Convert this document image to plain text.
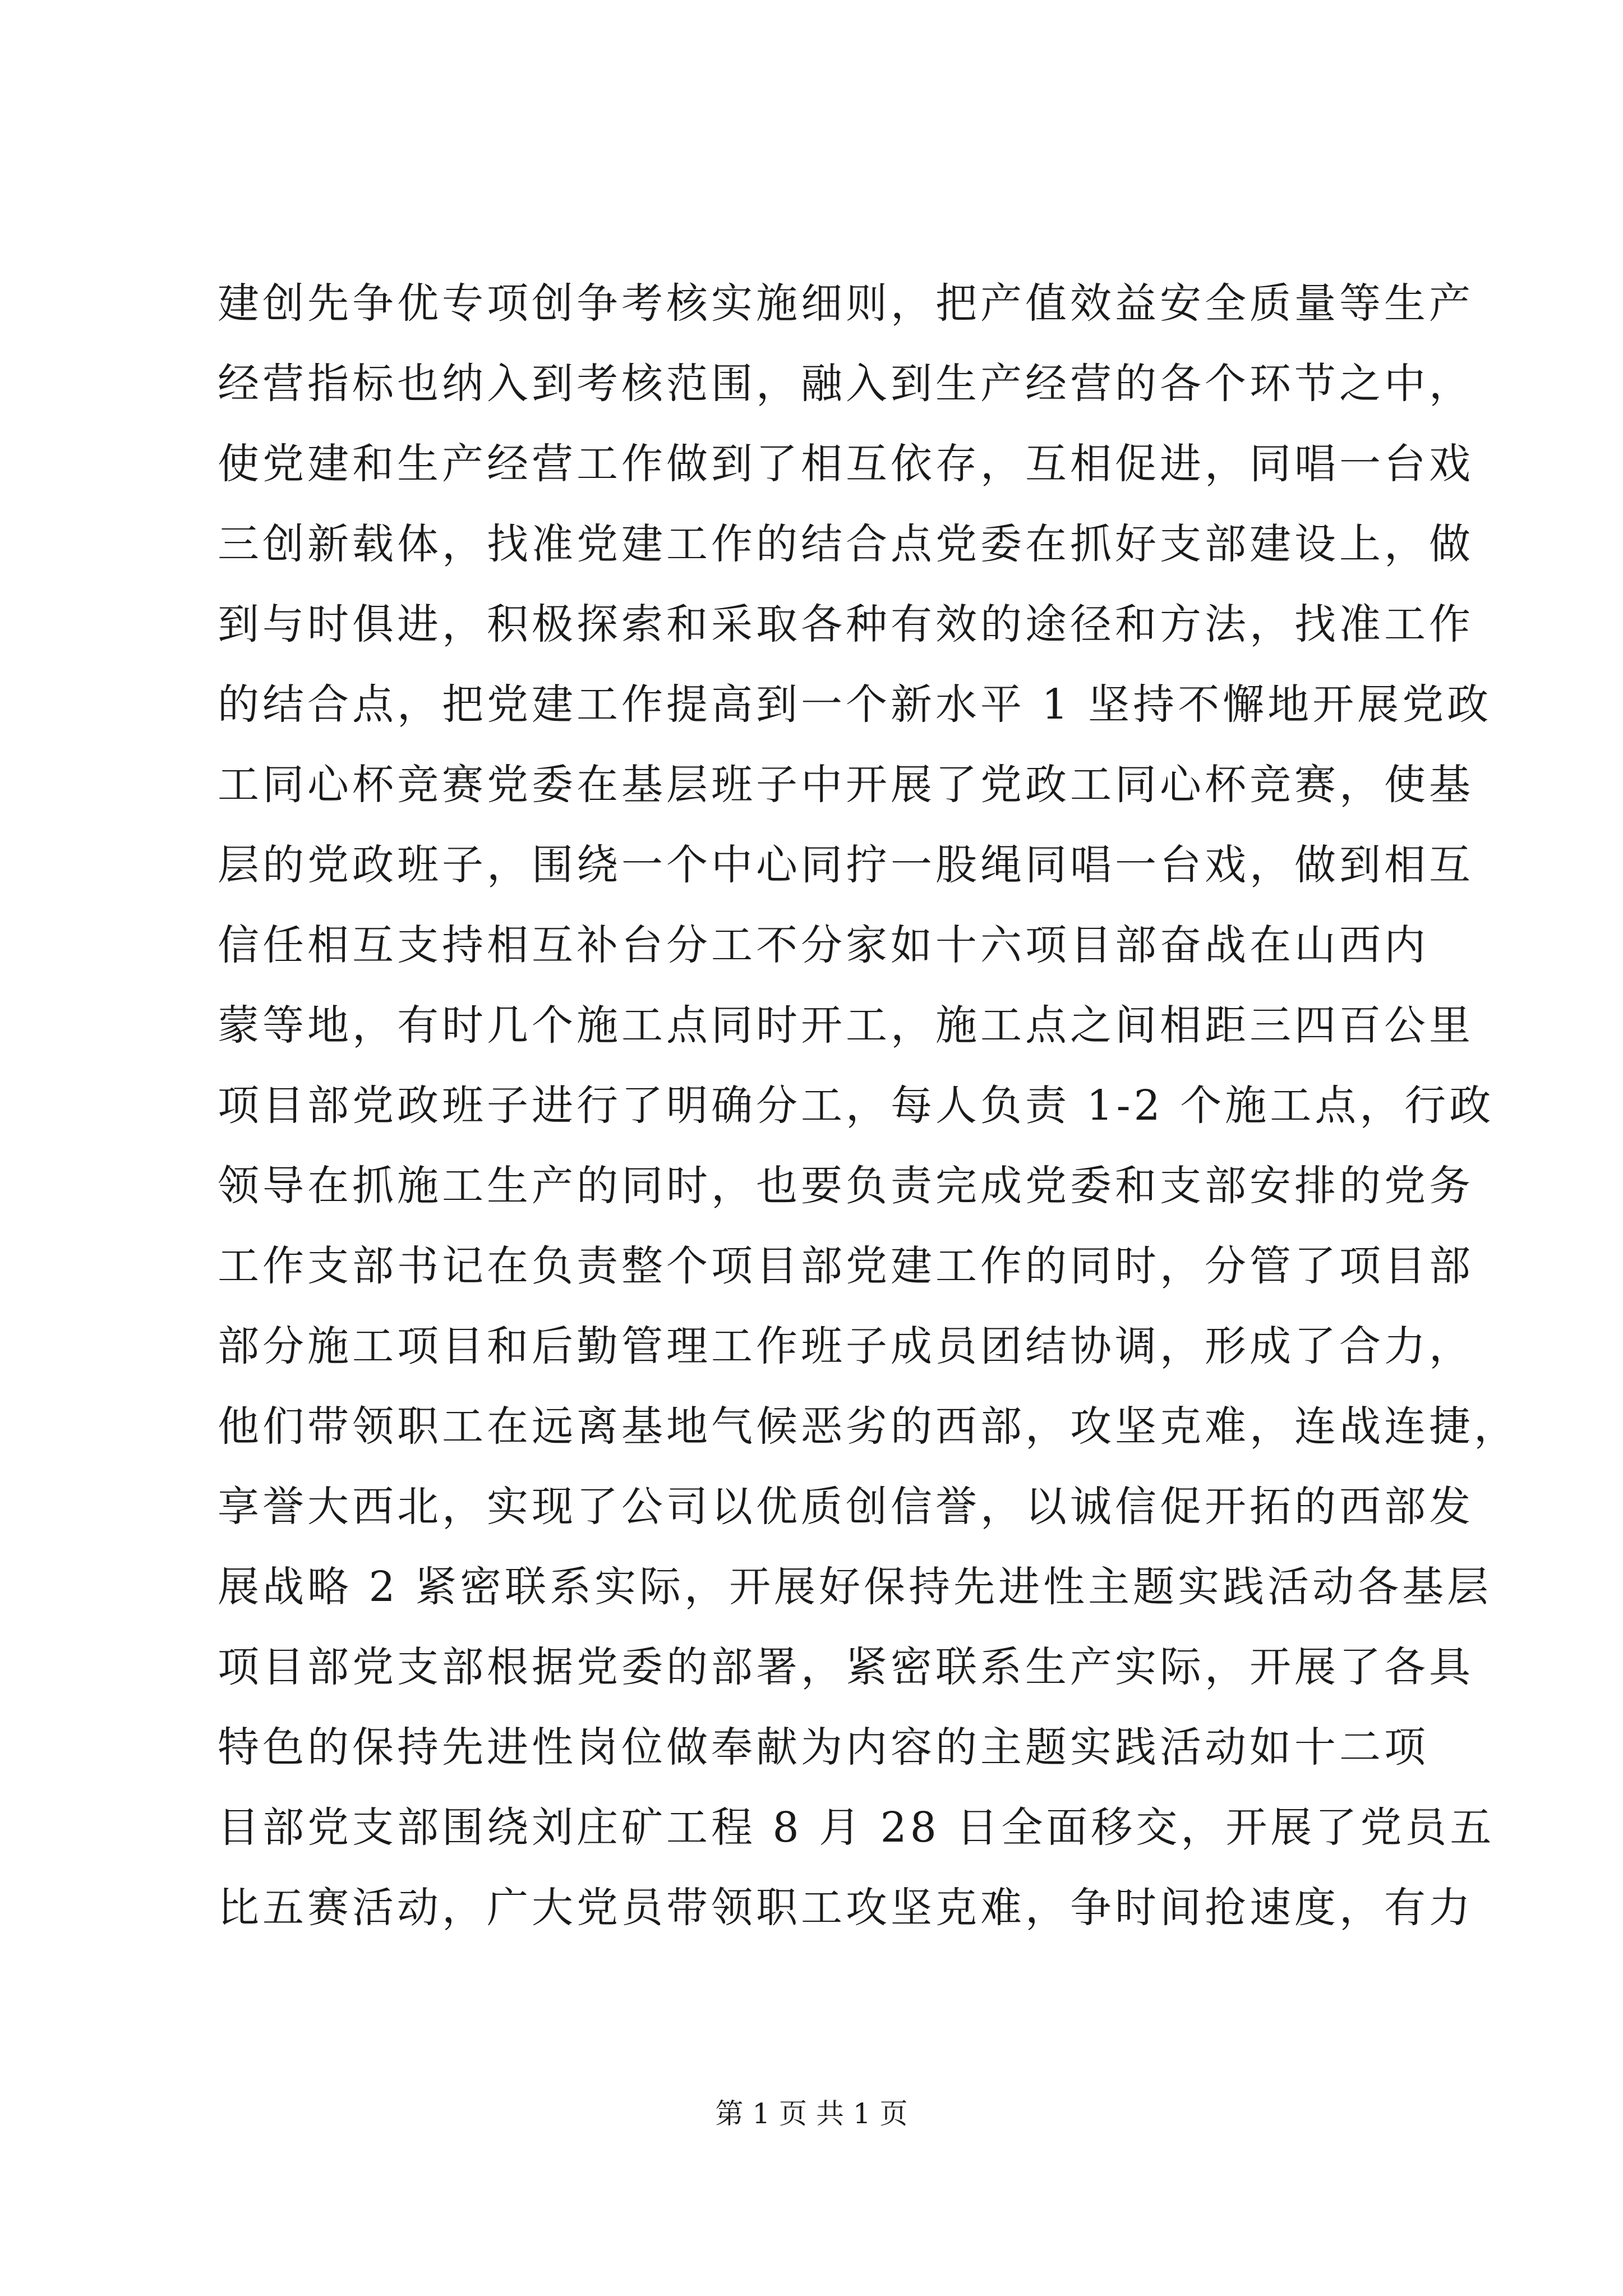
建创先争优专项创争考核实施细则，把产值效益安全质量等生产
经营指标也纳入到考核范围，融入到生产经营的各个环节之中，
使党建和生产经营工作做到了相互依存，互相促进，同唱一台戏
三创新载体，找准党建工作的结合点党委在抓好支部建设上，做
到与时俱进，积极探索和采取各种有效的途径和方法，找准工作
的结合点，把党建工作提高到一个新水平 1 坚持不懈地开展党政
工同心杯竞赛党委在基层班子中开展了党政工同心杯竞赛，使基
层的党政班子，围绕一个中心同拧一股绳同唱一台戏，做到相互
信任相互支持相互补台分工不分家如十六项目部奋战在山西内
蒙等地，有时几个施工点同时开工，施工点之间相距三四百公里
项目部党政班子进行了明确分工，每人负责 1-2 个施工点，行政
领导在抓施工生产的同时，也要负责完成党委和支部安排的党务
工作支部书记在负责整个项目部党建工作的同时，分管了项目部
部分施工项目和后勤管理工作班子成员团结协调，形成了合力，
他们带领职工在远离基地气候恶劣的西部，攻坚克难，连战连捷，
享誉大西北，实现了公司以优质创信誉，以诚信促开拓的西部发
展战略 2 紧密联系实际，开展好保持先进性主题实践活动各基层
项目部党支部根据党委的部署，紧密联系生产实际，开展了各具
特色的保持先进性岗位做奉献为内容的主题实践活动如十二项
目部党支部围绕刘庄矿工程 8 月 28 日全面移交，开展了党员五
比五赛活动，广大党员带领职工攻坚克难，争时间抢速度，有力
第 1 页 共 1 页
